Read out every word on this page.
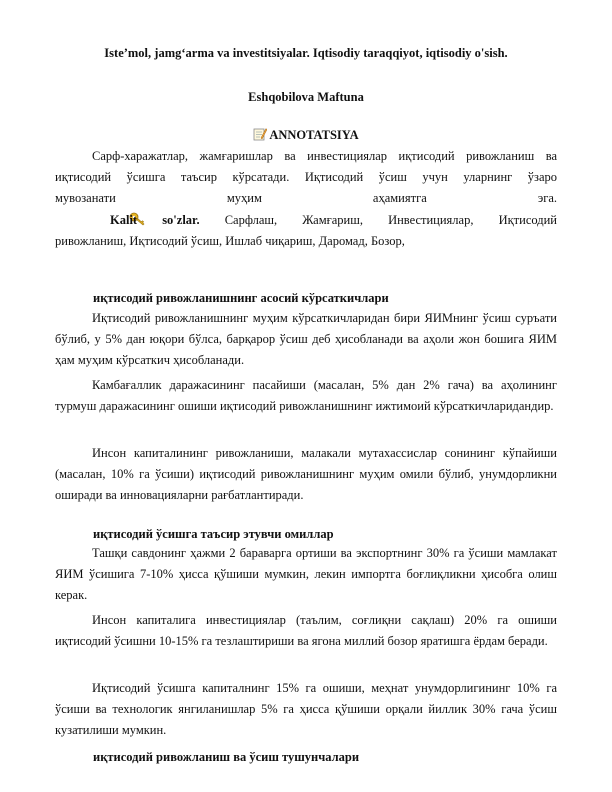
Iste’mol, jamg‘arma va investitsiyalar. Iqtisodiy taraqqiyot, iqtisodiy o'sish.
Eshqobilova Maftuna
ANNOTATSIYA
Сарф-харажатлар, жамғаришлар ва инвестициялар иқтисодий ривожланиш ва
иқтисодий ўсишга таъсир кўрсатади. Иқтисодий ўсиш учун уларнинг ўзаро
мувозанати муҳим аҳамиятга эга.
Kalit so'zlar. Сарфлаш, Жамғариш, Инвестициялар, Иқтисодий
ривожланиш, Иқтисодий ўсиш, Ишлаб чиқариш, Даромад, Бозор,
иқтисодий ривожланишнинг асосий кўрсаткичлари
Иқтисодий ривожланишнинг муҳим кўрсаткичларидан бири ЯИМнинг ўсиш суръати бўлиб, у 5% дан юқори бўлса, барқарор ўсиш деб ҳисобланади ва аҳоли жон бошига ЯИМ ҳам муҳим кўрсаткич ҳисобланади.
Камбағаллик даражасининг пасайиши (масалан, 5% дан 2% гача) ва аҳолининг турмуш даражасининг ошиши иқтисодий ривожланишнинг ижтимоий кўрсаткичларидандир.
Инсон капиталининг ривожланиши, малакали мутахассислар сонининг кўпайиши (масалан, 10% га ўсиши) иқтисодий ривожланишнинг муҳим омили бўлиб, унумдорликни оширади ва инновацияларни рағбатлантиради.
иқтисодий ўсишга таъсир этувчи омиллар
Ташқи савдонинг ҳажми 2 бараварга ортиши ва экспортнинг 30% га ўсиши мамлакат ЯИМ ўсишига 7-10% ҳисса қўшиши мумкин, лекин импортга боғлиқликни ҳисобга олиш керак.
Инсон капиталига инвестициялар (таълим, соғлиқни сақлаш) 20% га ошиши иқтисодий ўсишни 10-15% га тезлаштириши ва ягона миллий бозор яратишга ёрдам беради.
Иқтисодий ўсишга капиталнинг 15% га ошиши, меҳнат унумдорлигининг 10% га ўсиши ва технологик янгиланишлар 5% га ҳисса қўшиши орқали йиллик 30% гача ўсиш кузатилиши мумкин.
иқтисодий ривожланиш ва ўсиш тушунчалари
